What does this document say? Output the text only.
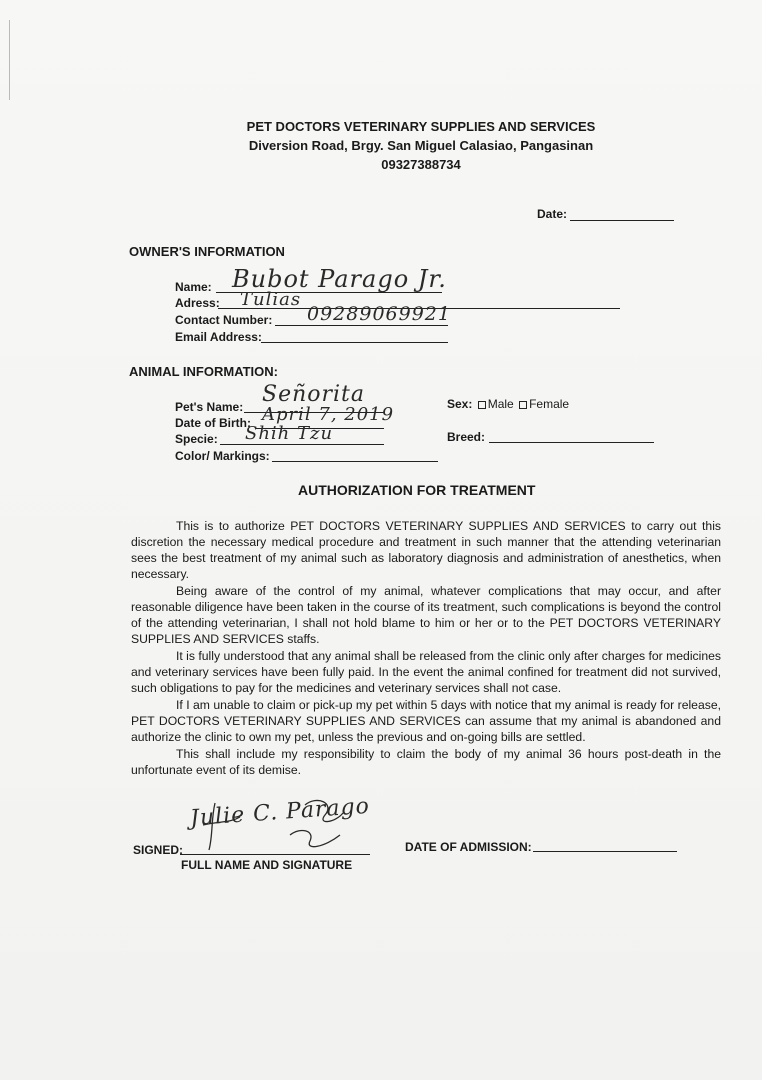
PET DOCTORS VETERINARY SUPPLIES AND SERVICES
Diversion Road, Brgy. San Miguel Calasiao, Pangasinan
09327388734
Date:
OWNER'S INFORMATION
Name: Bubot Parago Jr.
Adress: Tulias
Contact Number: 09289069921
Email Address:
ANIMAL INFORMATION:
Pet's Name: Señorita
Date of Birth: April 7, 2019
Specie: Shih Tzu
Color/ Markings:
Sex: Male Female
Breed:
AUTHORIZATION FOR TREATMENT

This is to authorize PET DOCTORS VETERINARY SUPPLIES AND SERVICES to carry out this discretion the necessary medical procedure and treatment in such manner that the attending veterinarian sees the best treatment of my animal such as laboratory diagnosis and administration of anesthetics, when necessary.

Being aware of the control of my animal, whatever complications that may occur, and after reasonable diligence have been taken in the course of its treatment, such complications is beyond the control of the attending veterinarian, I shall not hold blame to him or her or to the PET DOCTORS VETERINARY SUPPLIES AND SERVICES staffs.

It is fully understood that any animal shall be released from the clinic only after charges for medicines and veterinary services have been fully paid. In the event the animal confined for treatment did not survived, such obligations to pay for the medicines and veterinary services shall not case.

If I am unable to claim or pick-up my pet within 5 days with notice that my animal is ready for release, PET DOCTORS VETERINARY SUPPLIES AND SERVICES can assume that my animal is abandoned and authorize the clinic to own my pet, unless the previous and on-going bills are settled.

This shall include my responsibility to claim the body of my animal 36 hours post-death in the unfortunate event of its demise.

SIGNED:
Julie C. Parago
FULL NAME AND SIGNATURE
DATE OF ADMISSION:
